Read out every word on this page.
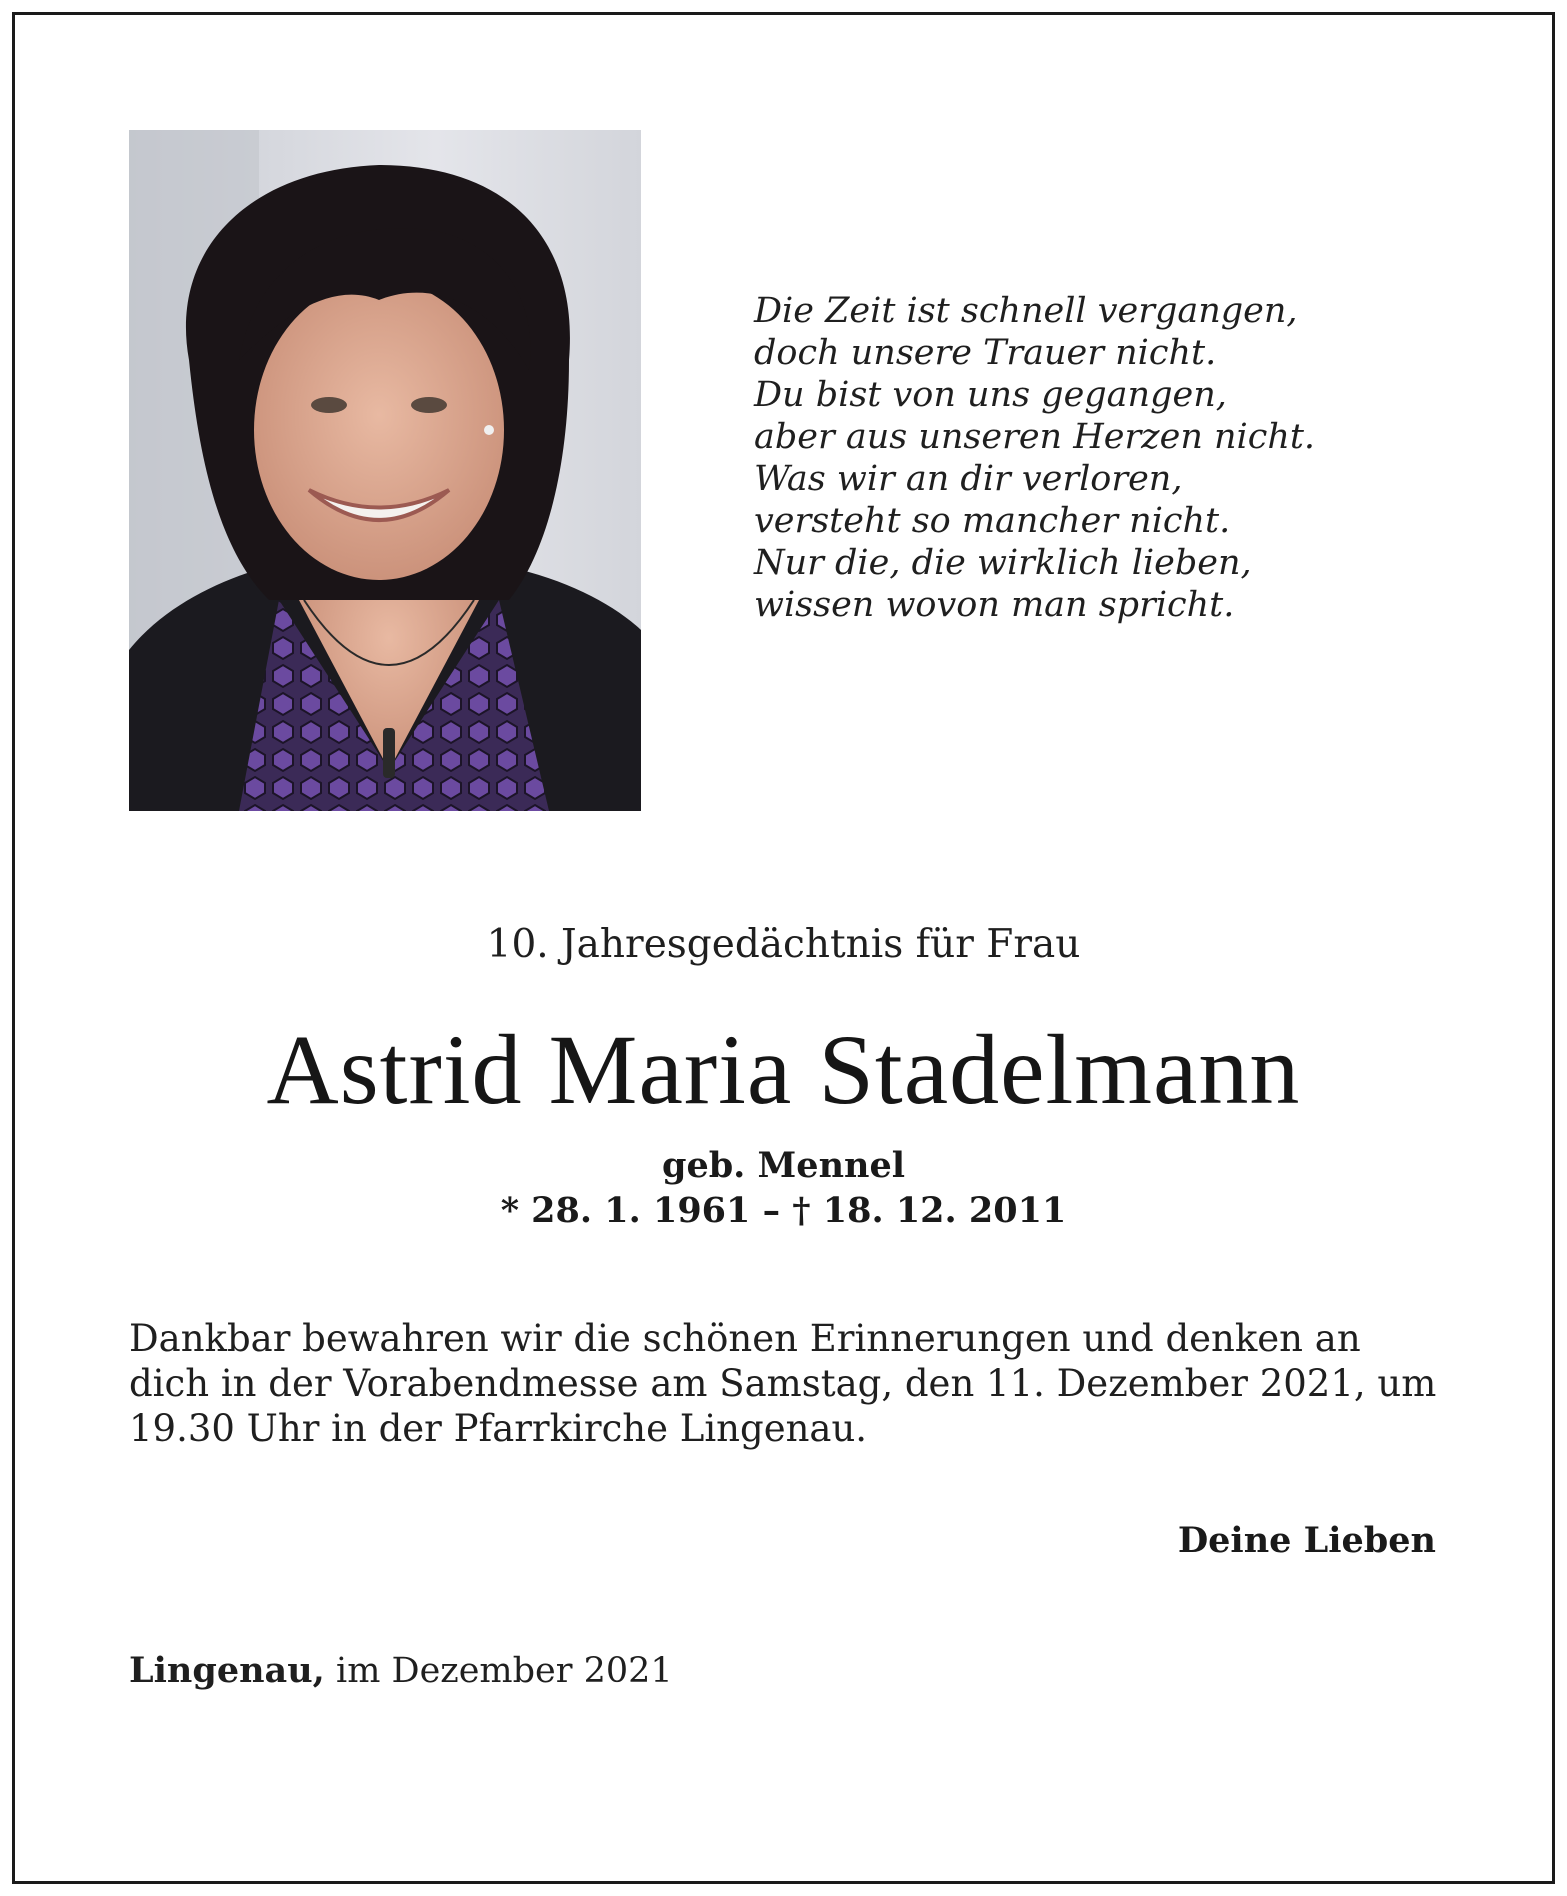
Die Zeit ist schnell vergangen,
doch unsere Trauer nicht.
Du bist von uns gegangen,
aber aus unseren Herzen nicht.
Was wir an dir verloren,
versteht so mancher nicht.
Nur die, die wirklich lieben,
wissen wovon man spricht.
10. Jahresgedächtnis für Frau
Astrid Maria Stadelmann
geb. Mennel
* 28. 1. 1961 – † 18. 12. 2011

Dankbar bewahren wir die schönen Erinnerungen und denken an dich in der Vorabendmesse am Samstag, den 11. Dezember 2021, um 19.30 Uhr in der Pfarrkirche Lingenau.

Deine Lieben
Lingenau, im Dezember 2021
